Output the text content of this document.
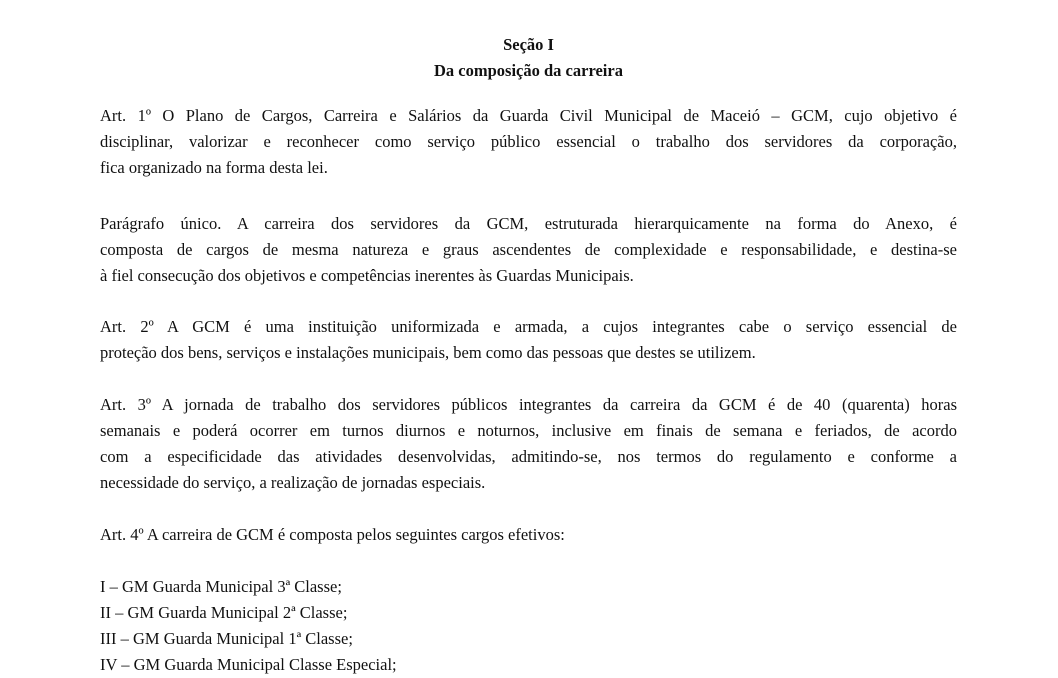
Seção I
Da composição da carreira

Art. 1º O Plano de Cargos, Carreira e Salários da Guarda Civil Municipal de Maceió – GCM, cujo objetivo é
disciplinar, valorizar e reconhecer como serviço público essencial o trabalho dos servidores da corporação,
fica organizado na forma desta lei.

Parágrafo único. A carreira dos servidores da GCM, estruturada hierarquicamente na forma do Anexo, é
composta de cargos de mesma natureza e graus ascendentes de complexidade e responsabilidade, e destina-se
à fiel consecução dos objetivos e competências inerentes às Guardas Municipais.

Art. 2º A GCM é uma instituição uniformizada e armada, a cujos integrantes cabe o serviço essencial de
proteção dos bens, serviços e instalações municipais, bem como das pessoas que destes se utilizem.

Art. 3º A jornada de trabalho dos servidores públicos integrantes da carreira da GCM é de 40 (quarenta) horas
semanais e poderá ocorrer em turnos diurnos e noturnos, inclusive em finais de semana e feriados, de acordo
com a especificidade das atividades desenvolvidas, admitindo-se, nos termos do regulamento e conforme a
necessidade do serviço, a realização de jornadas especiais.

Art. 4º A carreira de GCM é composta pelos seguintes cargos efetivos:

I – GM Guarda Municipal 3ª Classe;
II – GM Guarda Municipal 2ª Classe;
III – GM Guarda Municipal 1ª Classe;
IV – GM Guarda Municipal Classe Especial;
